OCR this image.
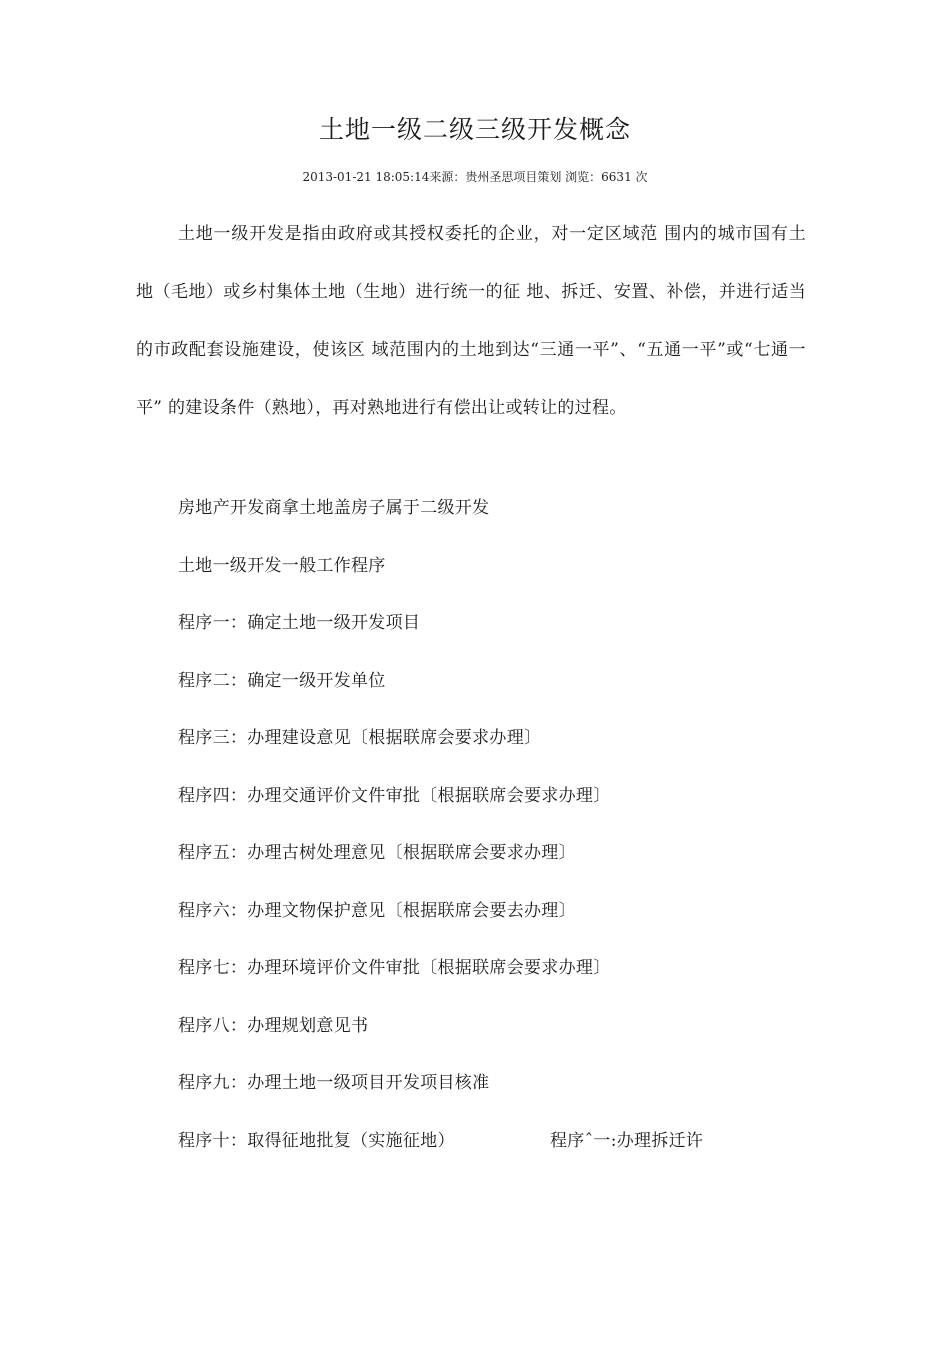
土地一级二级三级开发概念
2013-01-21 18:05:14来源：贵州圣思项目策划 浏览：6631 次

土地一级开发是指由政府或其授权委托的企业，对一定区域范 围内的城市国有土地（毛地）或乡村集体土地（生地）进行统一的征 地、拆迁、安置、补偿，并进行适当的市政配套设施建设，使该区 域范围内的土地到达“三通一平”、“五通一平”或“七通一平” 的建设条件（熟地），再对熟地进行有偿出让或转让的过程。

房地产开发商拿土地盖房子属于二级开发
土地一级开发一般工作程序
程序一：确定土地一级开发项目
程序二：确定一级开发单位
程序三：办理建设意见〔根据联席会要求办理〕
程序四：办理交通评价文件审批〔根据联席会要求办理〕
程序五：办理古树处理意见〔根据联席会要求办理〕
程序六：办理文物保护意见〔根据联席会要去办理〕
程序七：办理环境评价文件审批〔根据联席会要求办理〕
程序八：办理规划意见书
程序九：办理土地一级项目开发项目核准
程序十：取得征地批复（实施征地）	程序ˆ一:办理拆迁许
